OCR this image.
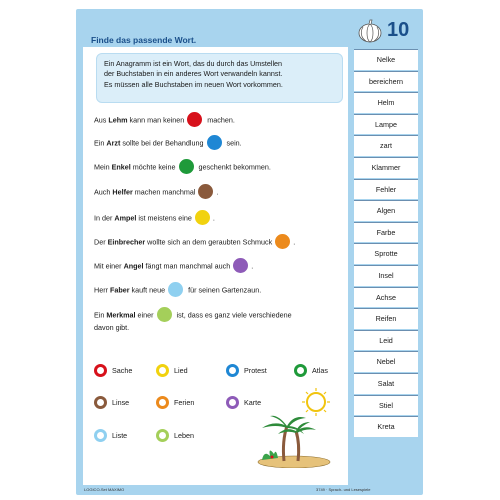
Finde das passende Wort.	10
Ein Anagramm ist ein Wort, das du durch das Umstellen
der Buchstaben in ein anderes Wort verwandeln kannst.
Es müssen alle Buchstaben im neuen Wort vorkommen.
Aus Lehm kann man keinen	machen.
Ein Arzt sollte bei der Behandlung	sein.
Mein Enkel möchte keine	geschenkt bekommen.
Auch Helfer machen manchmal	.
In der Ampel ist meistens eine	.
Der Einbrecher wollte sich an dem geraubten Schmuck	.
Mit einer Angel fängt man manchmal auch	.
Herr Faber kauft neue	für seinen Gartenzaun.
Ein Merkmal einer	ist, dass es ganz viele verschiedene
davon gibt.
Sache	Lied	Protest	Atlas
Linse	Ferien	Karte
Liste	Leben
Nelke
bereichern
Helm
Lampe
zart
Klammer
Fehler
Algen
Farbe
Sprotte
Insel
Achse
Reifen
Leid
Nebel
Salat
Stiel
Kreta
LOGICO-Set MAXIMO	3749 · Sprach- und Lesespiele
